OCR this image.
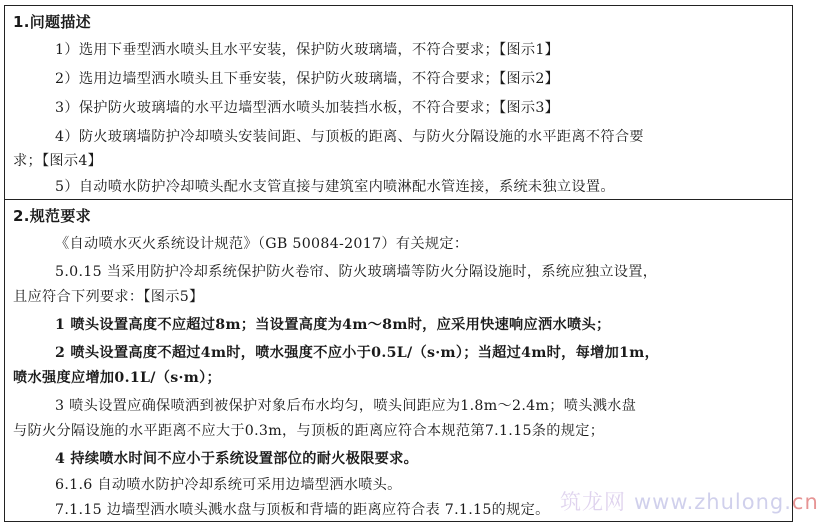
1.问题描述
1）选用下垂型洒水喷头且水平安装，保护防火玻璃墙，不符合要求；【图示1】
2）选用边墙型洒水喷头且下垂安装，保护防火玻璃墙，不符合要求；【图示2】
3）保护防火玻璃墙的水平边墙型洒水喷头加装挡水板，不符合要求；【图示3】
4）防火玻璃墙防护冷却喷头安装间距、与顶板的距离、与防火分隔设施的水平距离不符合要
求；【图示4】
5）自动喷水防护冷却喷头配水支管直接与建筑室内喷淋配水管连接，系统未独立设置。
2.规范要求
《自动喷水灭火系统设计规范》（GB 50084-2017）有关规定：
5.0.15 当采用防护冷却系统保护防火卷帘、防火玻璃墙等防火分隔设施时，系统应独立设置，
且应符合下列要求：【图示5】
1 喷头设置高度不应超过8m；当设置高度为4m～8m时，应采用快速响应洒水喷头；
2 喷头设置高度不超过4m时，喷水强度不应小于0.5L/（s·m）；当超过4m时，每增加1m，
喷水强度应增加0.1L/（s·m）；
3 喷头设置应确保喷洒到被保护对象后布水均匀，喷头间距应为1.8m～2.4m；喷头溅水盘
与防火分隔设施的水平距离不应大于0.3m，与顶板的距离应符合本规范第7.1.15条的规定；
4 持续喷水时间不应小于系统设置部位的耐火极限要求。
6.1.6 自动喷水防护冷却系统可采用边墙型洒水喷头。
7.1.15 边墙型洒水喷头溅水盘与顶板和背墙的距离应符合表 7.1.15的规定。 筑龙网 www.zhulong.cn
